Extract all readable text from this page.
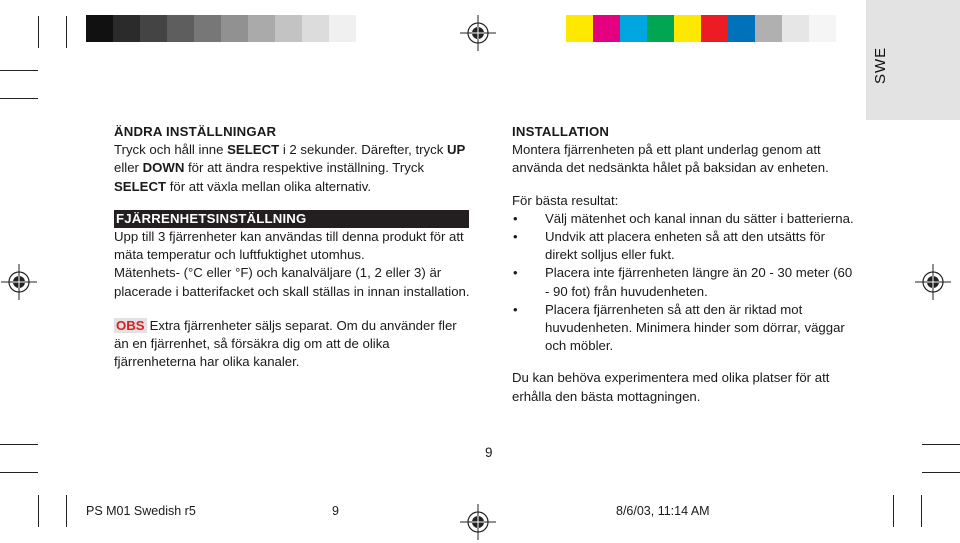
SWE

ÄNDRA INSTÄLLNINGAR

Tryck och håll inne SELECT i 2 sekunder. Därefter, tryck UP eller DOWN för att ändra respektive inställning. Tryck SELECT för att växla mellan olika alternativ.

FJÄRRENHETSINSTÄLLNING

Upp till 3 fjärrenheter kan användas till denna produkt för att mäta temperatur och luftfuktighet utomhus.

Mätenhets- (°C eller °F) och kanalväljare (1, 2 eller 3) är placerade i batterifacket och skall ställas in innan installation.

OBS Extra fjärrenheter säljs separat. Om du använder fler än en fjärrenhet, så försäkra dig om att de olika fjärrenheterna har olika kanaler.

INSTALLATION

Montera fjärrenheten på ett plant underlag genom att använda det nedsänkta hålet på baksidan av enheten.

För bästa resultat:

• Välj mätenhet och kanal innan du sätter i batterierna.
• Undvik att placera enheten så att den utsätts för direkt solljus eller fukt.
• Placera inte fjärrenheten längre än 20 - 30 meter (60 - 90 fot) från huvudenheten.
• Placera fjärrenheten så att den är riktad mot huvudenheten. Minimera hinder som dörrar, väggar och möbler.

Du kan behöva experimentera med olika platser för att erhålla den bästa mottagningen.

9
PS M01 Swedish r5	9	8/6/03, 11:14 AM
